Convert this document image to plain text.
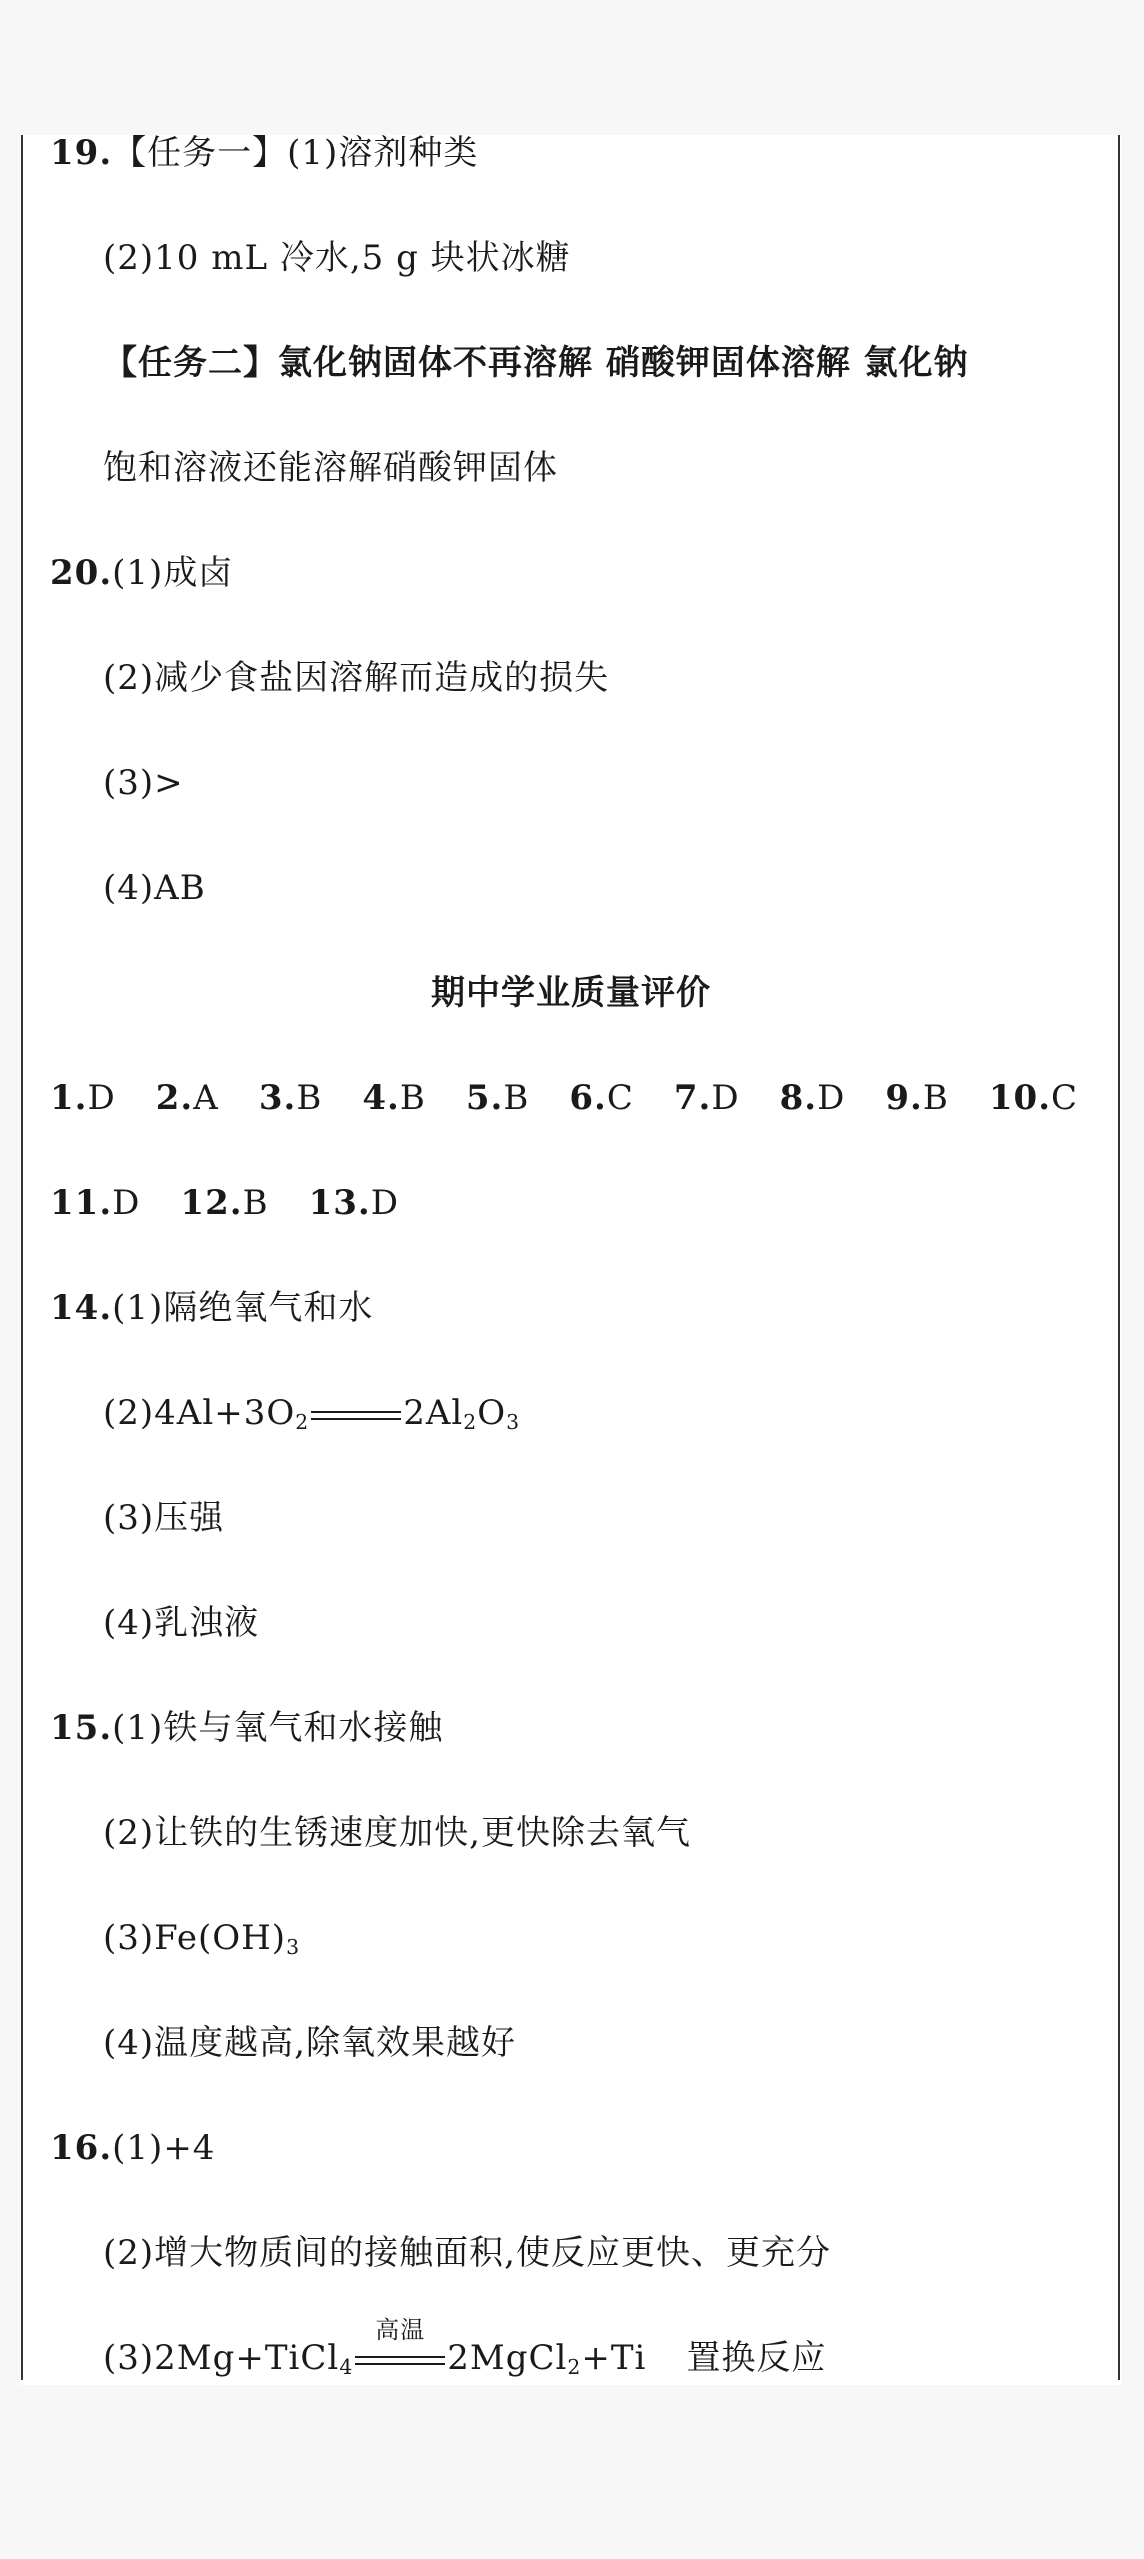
19.【任务一】(1)溶剂种类
(2)10 mL 冷水,5 g 块状冰糖
【任务二】氯化钠固体不再溶解 硝酸钾固体溶解 氯化钠
饱和溶液还能溶解硝酸钾固体
20.(1)成卤
(2)减少食盐因溶解而造成的损失
(3)>
(4)AB
期中学业质量评价
1.D 2.A 3.B 4.B 5.B 6.C 7.D 8.D 9.B 10.C
11.D 12.B 13.D
14.(1)隔绝氧气和水
$(2)4Al+3O_2$	$2Al_2O_3$
(3)压强
(4)乳浊液
15.(1)铁与氧气和水接触
(2)让铁的生锈速度加快,更快除去氧气
$(3)Fe(OH)_3$
(4)温度越高,除氧效果越好
16.(1)+4
(2)增大物质间的接触面积,使反应更快、更充分
(3)2Mg+TiCl$_4$
高温
2MgCl$_2$+Ti 置换反应
